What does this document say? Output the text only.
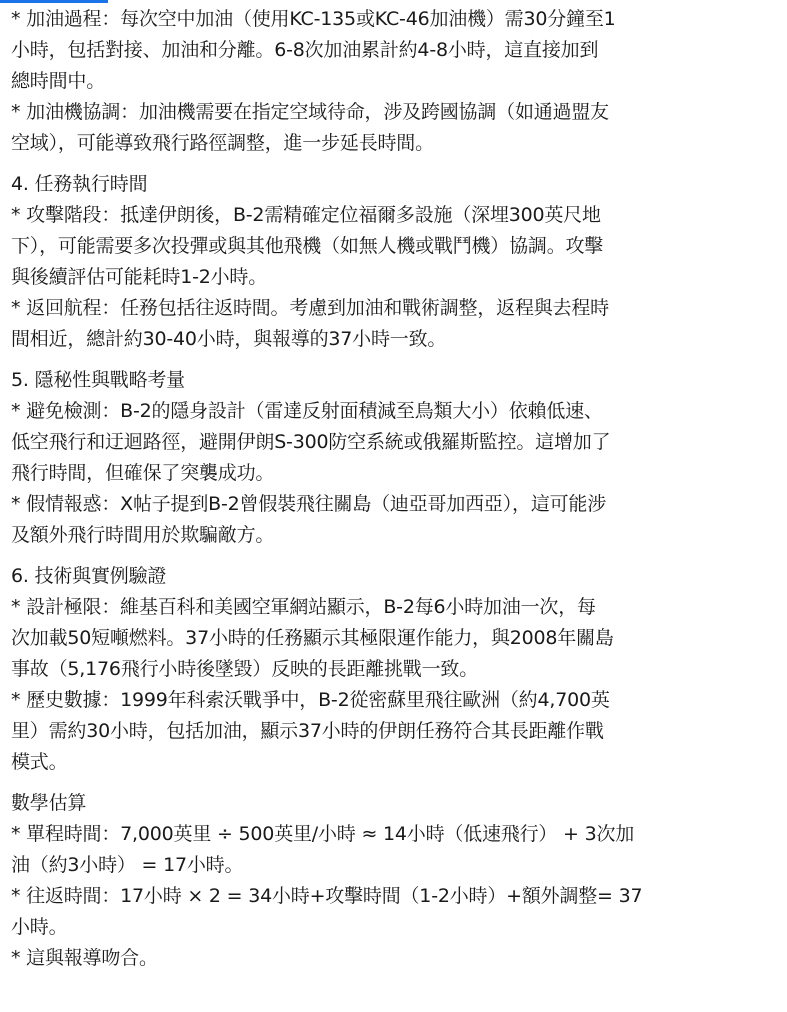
* 加油過程：每次空中加油（使用KC-135或KC-46加油機）需30分鐘至1

小時，包括對接、加油和分離。6-8次加油累計約4-8小時，這直接加到

總時間中。

* 加油機協調：加油機需要在指定空域待命，涉及跨國協調（如通過盟友

空域），可能導致飛行路徑調整，進一步延長時間。

4. 任務執行時間

* 攻擊階段：抵達伊朗後，B-2需精確定位福爾多設施（深埋300英尺地

下），可能需要多次投彈或與其他飛機（如無人機或戰鬥機）協調。攻擊

與後續評估可能耗時1-2小時。

* 返回航程：任務包括往返時間。考慮到加油和戰術調整，返程與去程時

間相近，總計約30-40小時，與報導的37小時一致。

5. 隱秘性與戰略考量

* 避免檢測：B-2的隱身設計（雷達反射面積減至鳥類大小）依賴低速、

低空飛行和迂迴路徑，避開伊朗S-300防空系統或俄羅斯監控。這增加了

飛行時間，但確保了突襲成功。

* 假情報惑：X帖子提到B-2曾假裝飛往關島（迪亞哥加西亞），這可能涉

及額外飛行時間用於欺騙敵方。

6. 技術與實例驗證

* 設計極限：維基百科和美國空軍網站顯示，B-2每6小時加油一次，每

次加載50短噸燃料。37小時的任務顯示其極限運作能力，與2008年關島

事故（5,176飛行小時後墜毀）反映的長距離挑戰一致。

* 歷史數據：1999年科索沃戰爭中，B-2從密蘇里飛往歐洲（約4,700英

里）需約30小時，包括加油，顯示37小時的伊朗任務符合其長距離作戰

模式。

數學估算

* 單程時間：7,000英里 ÷ 500英里/小時 ≈ 14小時（低速飛行） + 3次加

油（約3小時） = 17小時。

* 往返時間：17小時 × 2 = 34小時+攻擊時間（1-2小時）+額外調整= 37

小時。

* 這與報導吻合。
